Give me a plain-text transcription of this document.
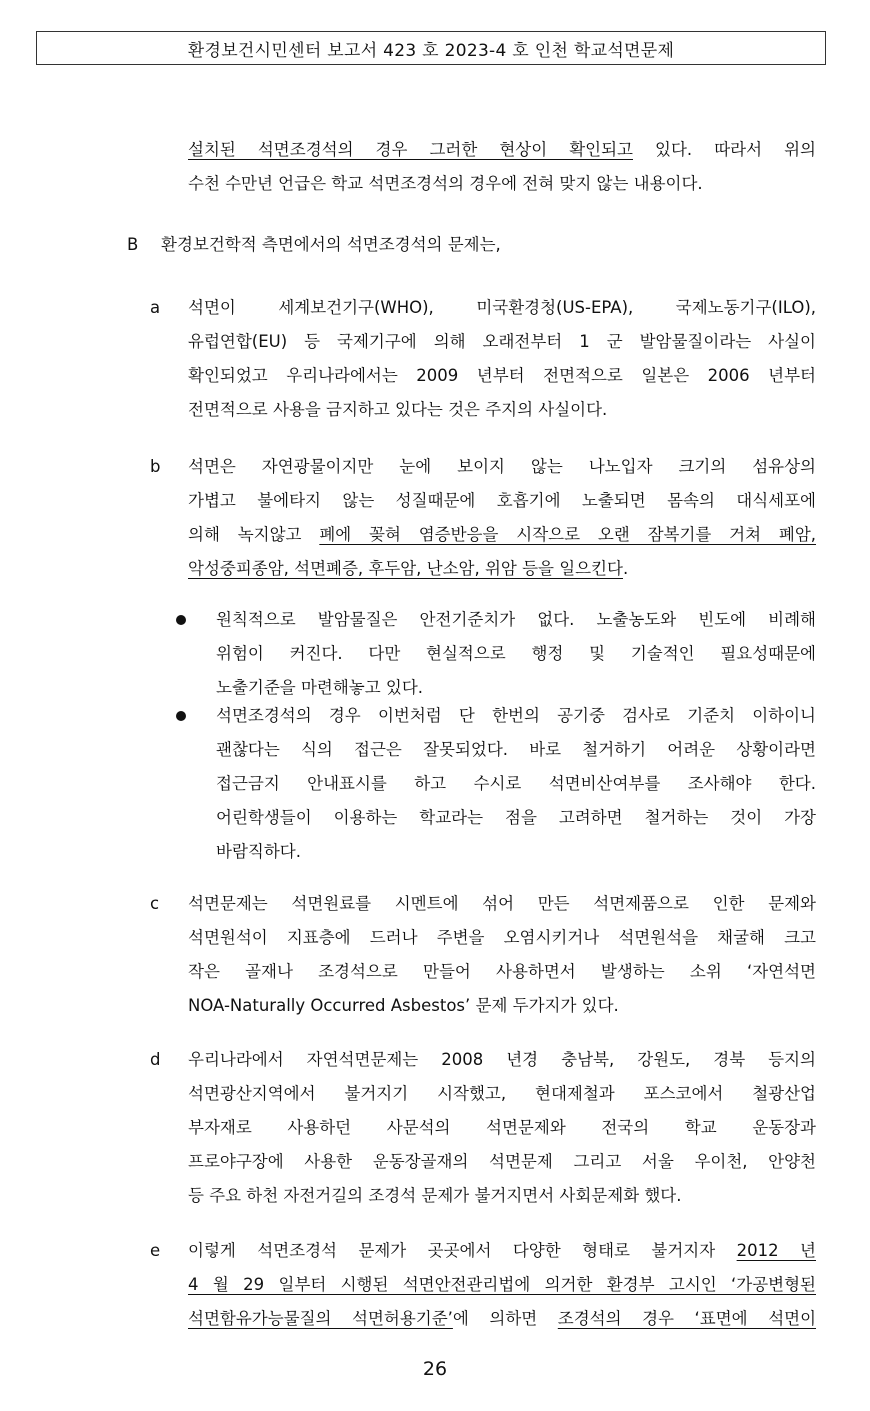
환경보건시민센터 보고서 423 호 2023-4 호 인천 학교석면문제
설치된 석면조경석의 경우 그러한 현상이 확인되고 있다. 따라서 위의
수천 수만년 언급은 학교 석면조경석의 경우에 전혀 맞지 않는 내용이다.
B 환경보건학적 측면에서의 석면조경석의 문제는,
a 석면이 세계보건기구(WHO), 미국환경청(US-EPA), 국제노동기구(ILO),
유럽연합(EU) 등 국제기구에 의해 오래전부터 1 군 발암물질이라는 사실이
확인되었고 우리나라에서는 2009 년부터 전면적으로 일본은 2006 년부터
전면적으로 사용을 금지하고 있다는 것은 주지의 사실이다.
b 석면은 자연광물이지만 눈에 보이지 않는 나노입자 크기의 섬유상의
가볍고 불에타지 않는 성질때문에 호흡기에 노출되면 몸속의 대식세포에
의해 녹지않고 폐에 꽂혀 염증반응을 시작으로 오랜 잠복기를 거쳐 폐암,
악성중피종암, 석면폐증, 후두암, 난소암, 위암 등을 일으킨다.
원칙적으로 발암물질은 안전기준치가 없다. 노출농도와 빈도에 비례해
위험이 커진다. 다만 현실적으로 행정 및 기술적인 필요성때문에
노출기준을 마련해놓고 있다.
석면조경석의 경우 이번처럼 단 한번의 공기중 검사로 기준치 이하이니
괜찮다는 식의 접근은 잘못되었다. 바로 철거하기 어려운 상황이라면
접근금지 안내표시를 하고 수시로 석면비산여부를 조사해야 한다.
어린학생들이 이용하는 학교라는 점을 고려하면 철거하는 것이 가장
바람직하다.
c 석면문제는 석면원료를 시멘트에 섞어 만든 석면제품으로 인한 문제와
석면원석이 지표층에 드러나 주변을 오염시키거나 석면원석을 채굴해 크고
작은 골재나 조경석으로 만들어 사용하면서 발생하는 소위 ‘자연석면
NOA-Naturally Occurred Asbestos’ 문제 두가지가 있다.
d 우리나라에서 자연석면문제는 2008 년경 충남북, 강원도, 경북 등지의
석면광산지역에서 불거지기 시작했고, 현대제철과 포스코에서 철광산업
부자재로 사용하던 사문석의 석면문제와 전국의 학교 운동장과
프로야구장에 사용한 운동장골재의 석면문제 그리고 서울 우이천, 안양천
등 주요 하천 자전거길의 조경석 문제가 불거지면서 사회문제화 했다.
e 이렇게 석면조경석 문제가 곳곳에서 다양한 형태로 불거지자 2012 년
4 월 29 일부터 시행된 석면안전관리법에 의거한 환경부 고시인 ‘가공변형된
석면함유가능물질의 석면허용기준’에 의하면 조경석의 경우 ‘표면에 석면이
26
